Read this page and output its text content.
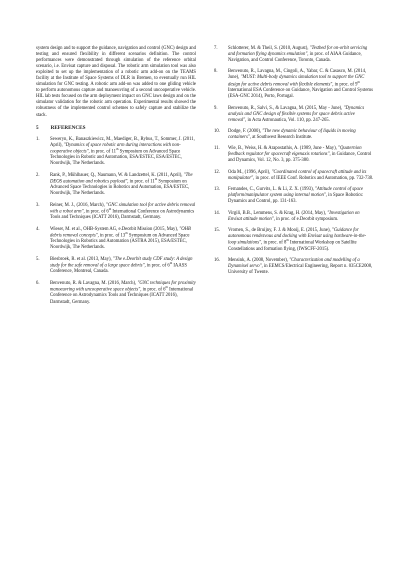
system design and to support the guidance, navigation and control (GNC) design and testing and ensured flexibility in different scenarios definition. The control performances were demonstrated through simulation of the reference orbital scenario, i.e. Envisat capture and disposal. The robotic arm simulation tool was also exploited to set up the implementation of a robotic arm add-on on the TEAMS facility at the Institute of Space Systems of DLR in Bremen, to eventually run HIL simulation for GNC testing. A robotic arm add-on was added to one gliding vehicle to perform autonomous capture and manoeuvring of a second uncooperative vehicle. HIL lab tests focused on the arm deployment impact on GNC laws design and on the simulator validation for the robotic arm operation. Experimental results showed the robustness of the implemented control schemes to safely capture and stabilize the stack.

5 REFERENCES
1.	Seweryn, K., Banaszkiewicz, M., Maediger, B., Rybus, T., Sommer, J. (2011, April), "Dynamics of space robotic arm during interactions with non-cooperative objects", in proc. of 11th Symposium on Advanced Space Technologies in Robotic and Automation, ESA/ESTEC, ESA/ESTEC, Noordwijk, The Netherlands.
2.	Rank, P., Mühlbauer, Q., Naumann, W. & Landzettel, K. (2011, April), "The DEOS automation and robotics payload", in proc. of 11th Symposium on Advanced Space Technologies in Robotics and Automation, ESA/ESTEC, Noordwijk, The Netherlands.
3.	Reiner, M. J., (2016, March), "GNC simulation tool for active debris removal with a robot arm", in proc. of 6th International Conference on Astrodynamics Tools and Techniques (ICATT 2016), Darmstadt, Germany.
4.	Wieser, M. et al., OHB-System AG, e.Deorbit Mission (2015, May), "OHB debris removal concepts", in proc. of 13th Symposium on Advanced Space Technologies in Robotics and Automation (ASTRA 2015), ESA/ESTEC, Noordwijk, The Netherlands.
5.	Biesbroek, R. et al. (2013, May), "The e.Deorbit study CDF study: A design study for the safe removal of a large space debris", in proc. of 6th IAASS Conference, Montreal, Canada.
6.	Benvenuto, R. & Lavagna, M. (2016, March), "GNC techniques for proximity manoeuvring with uncooperative space objects", in proc. of 6th International Conference on Astrodynamics Tools and Techniques (ICATT 2016), Darmstadt, Germany.
7.	Schlotterer, M. & Theil, S. (2010, August), "Testbed for on-orbit servicing and formation flying dynamics emulation", in proc. of AIAA Guidance, Navigation, and Control Conference, Toronto, Canada.
8.	Benvenuto, R., Lavagna, M., Cingoli, A., Yabar, C. & Casasco, M. (2014, June), "MUST: Multi-body dynamics simulation tool to support the GNC design for active debris removal with flexible elements", in proc. of 9th International ESA Conference on Guidance, Navigation and Control Systems (ESA-GNC 2014), Porto, Portugal.
9.	Benvenuto, R., Salvi, S., & Lavagna, M. (2015, May - June), "Dynamics analysis and GNC design of flexible systems for space debris active removal", in Acta Astronautica, Vol. 110, pp. 247-265.
10.	Dodge, F. (2000), "The new dynamic behaviour of liquids in moving containers", at Southwest Research Institute.
11.	Wie, B., Weiss, H. & Arapostathis, A. (1989, June - May), "Quaternion feedback regulator for spacecraft eigenaxis rotations", in Guidance, Control and Dynamics, Vol. 12, No. 3, pp. 375-380.
12.	Oda M., (1996, April), "Coordinated control of spacecraft attitude and its manipulator", in proc. of IEEE Conf. Robotics and Automation, pp. 732-738.
13.	Fernandes, C., Gurvits, L. & Li, Z. X. (1993), "Attitude control of space platform/manipulator system using internal motion", in Space Robotics: Dynamics and Control, pp. 131-163.
14.	Virgili, B.B., Lemmens, S. & Krag, H. (2014, May), "Investigation on Envisat attitude motion", in proc. of e.Deorbit symposium.
15.	Vromen, S., de Bruijny, F. J. & Mooij, E. (2015, June), "Guidance for autonomous rendezvous and docking with Envisat using hardware-in-the-loop simulations", in proc. of 8th International Workshop on Satellite Constellations and formation flying, (IWSCFF-2015).
16.	Mensink, A. (2008, November), "Characterization and modelling of a Dynamixel servo", in EEMCS/Electrical Engineering, Report n. 035CE2008, University of Twente.
